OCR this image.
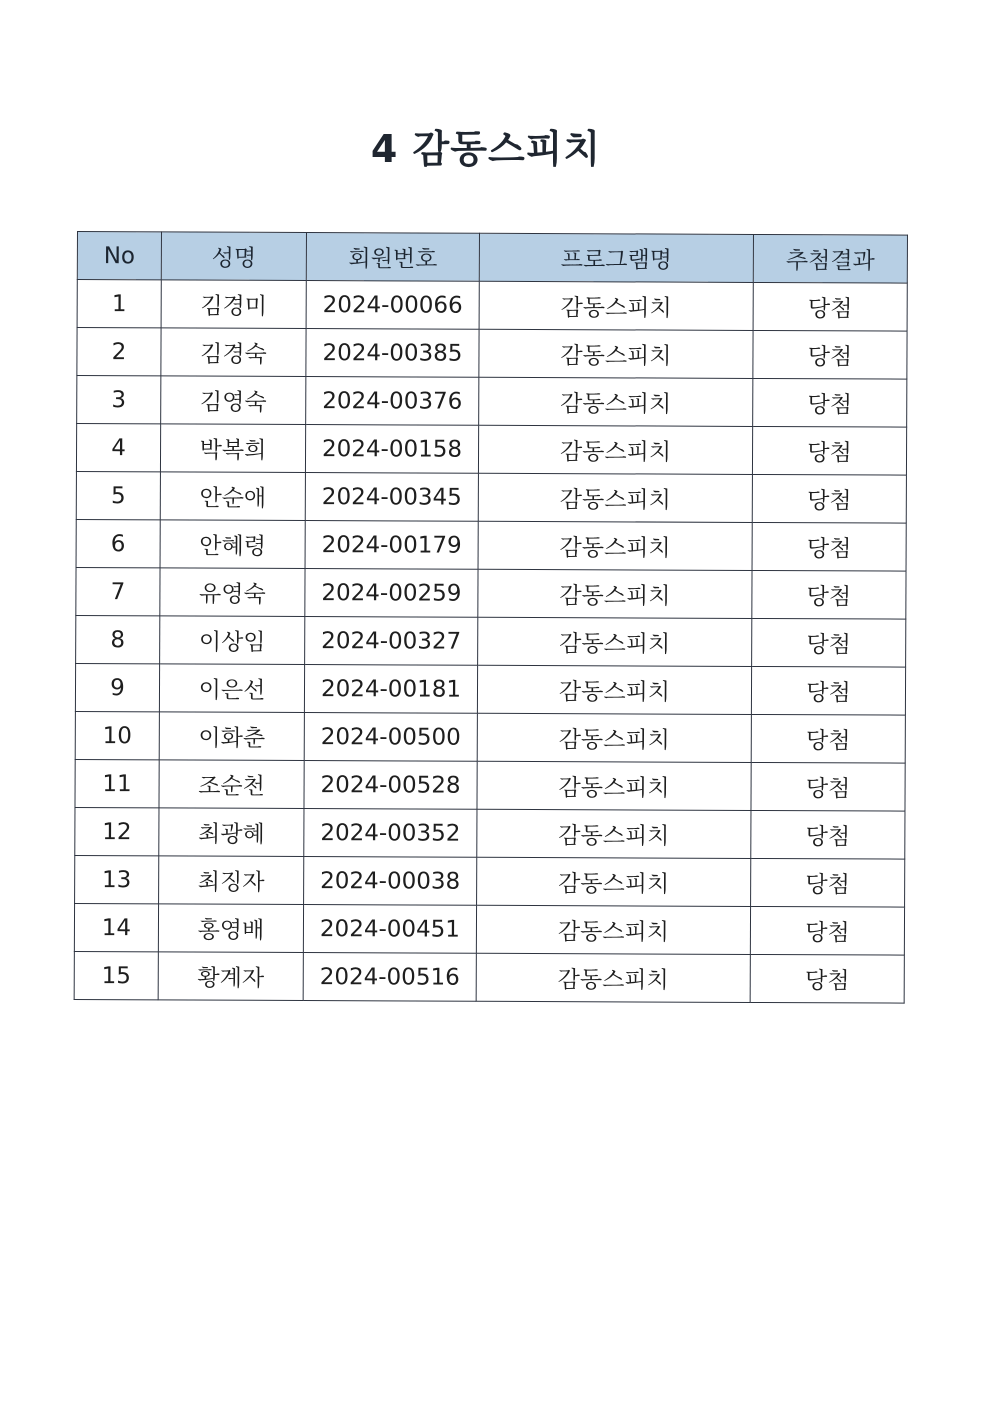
4 감동스피치
No	성명	회원번호	프로그램명	추첨결과
1	김경미	2024-00066	감동스피치	당첨
2	김경숙	2024-00385	감동스피치	당첨
3	김영숙	2024-00376	감동스피치	당첨
4	박복희	2024-00158	감동스피치	당첨
5	안순애	2024-00345	감동스피치	당첨
6	안혜령	2024-00179	감동스피치	당첨
7	유영숙	2024-00259	감동스피치	당첨
8	이상임	2024-00327	감동스피치	당첨
9	이은선	2024-00181	감동스피치	당첨
10	이화춘	2024-00500	감동스피치	당첨
11	조순천	2024-00528	감동스피치	당첨
12	최광혜	2024-00352	감동스피치	당첨
13	최징자	2024-00038	감동스피치	당첨
14	홍영배	2024-00451	감동스피치	당첨
15	황계자	2024-00516	감동스피치	당첨
